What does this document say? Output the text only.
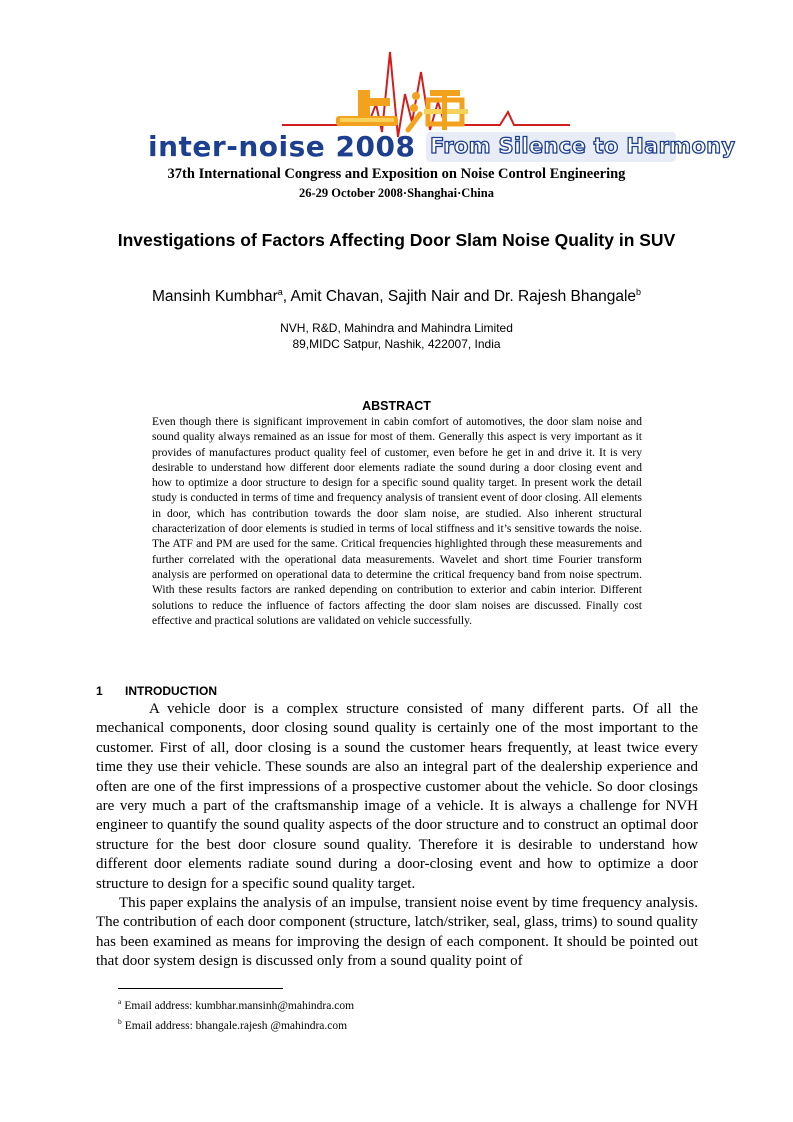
inter-noise 2008 From Silence to Harmony
37th International Congress and Exposition on Noise Control Engineering
26-29 October 2008·Shanghai·China
Investigations of Factors Affecting Door Slam Noise Quality in SUV
Mansinh Kumbhar$^a$, Amit Chavan, Sajith Nair and Dr. Rajesh Bhangale$^b$
NVH, R&D, Mahindra and Mahindra Limited
89,MIDC Satpur, Nashik, 422007, India
ABSTRACT

Even though there is significant improvement in cabin comfort of automotives, the door slam noise and sound quality always remained as an issue for most of them. Generally this aspect is very important as it provides of manufactures product quality feel of customer, even before he get in and drive it. It is very desirable to understand how different door elements radiate the sound during a door closing event and how to optimize a door structure to design for a specific sound quality target. In present work the detail study is conducted in terms of time and frequency analysis of transient event of door closing. All elements in door, which has contribution towards the door slam noise, are studied. Also inherent structural characterization of door elements is studied in terms of local stiffness and it’s sensitive towards the noise. The ATF and PM are used for the same. Critical frequencies highlighted through these measurements and further correlated with the operational data measurements. Wavelet and short time Fourier transform analysis are performed on operational data to determine the critical frequency band from noise spectrum. With these results factors are ranked depending on contribution to exterior and cabin interior. Different solutions to reduce the influence of factors affecting the door slam noises are discussed. Finally cost effective and practical solutions are validated on vehicle successfully.

1 INTRODUCTION

A vehicle door is a complex structure consisted of many different parts. Of all the mechanical components, door closing sound quality is certainly one of the most important to the customer. First of all, door closing is a sound the customer hears frequently, at least twice every time they use their vehicle. These sounds are also an integral part of the dealership experience and often are one of the first impressions of a prospective customer about the vehicle. So door closings are very much a part of the craftsmanship image of a vehicle. It is always a challenge for NVH engineer to quantify the sound quality aspects of the door structure and to construct an optimal door structure for the best door closure sound quality. Therefore it is desirable to understand how different door elements radiate sound during a door-closing event and how to optimize a door structure to design for a specific sound quality target.

This paper explains the analysis of an impulse, transient noise event by time frequency analysis. The contribution of each door component (structure, latch/striker, seal, glass, trims) to sound quality has been examined as means for improving the design of each component. It should be pointed out that door system design is discussed only from a sound quality point of

$^a$ Email address: kumbhar.mansinh@mahindra.com
$^b$ Email address: bhangale.rajesh @mahindra.com
